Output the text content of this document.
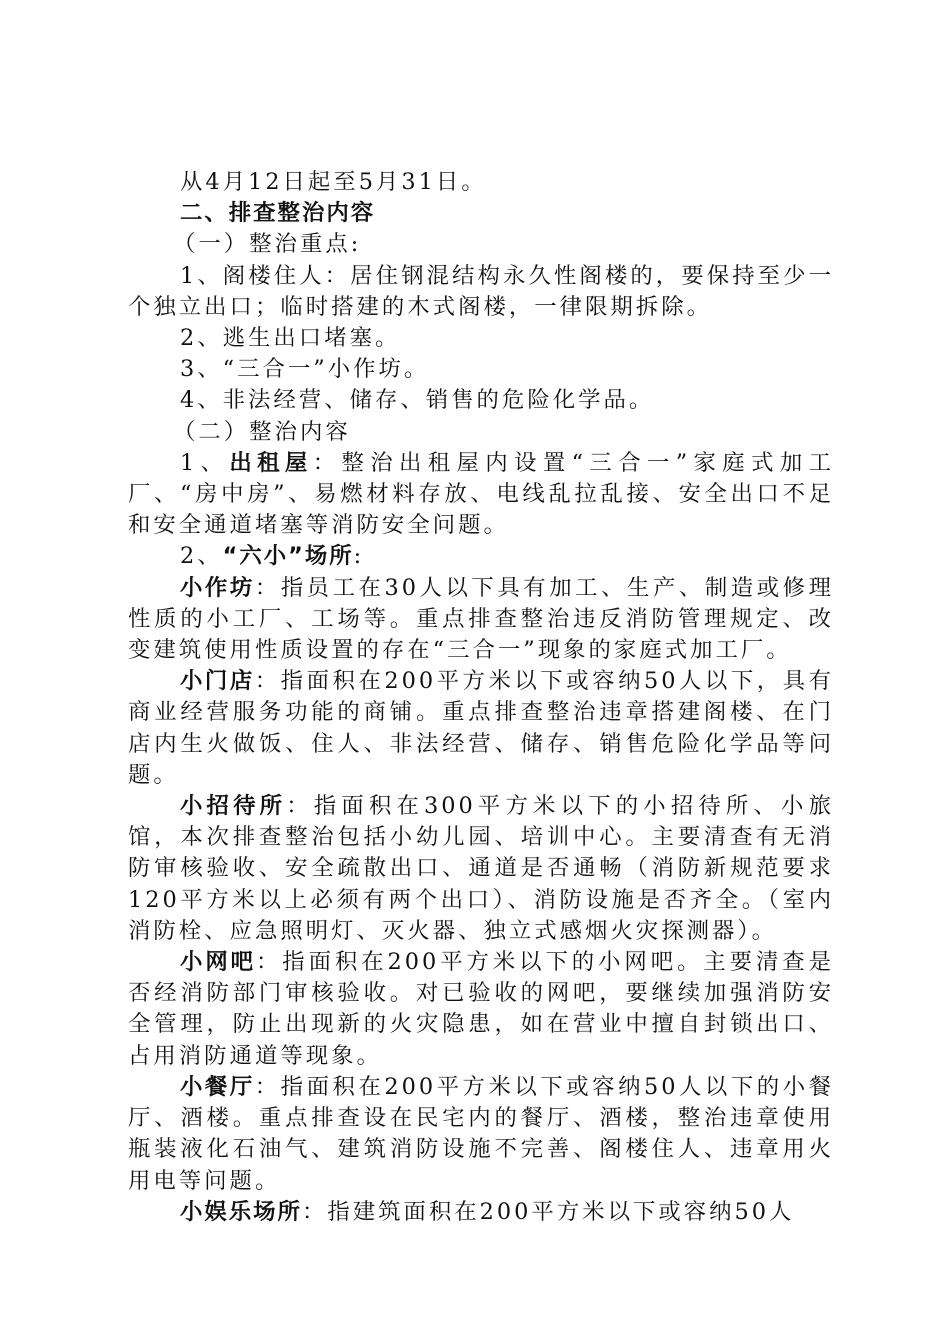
从4月12日起至5月31日。

二、排查整治内容

（一）整治重点:

1、阁楼住人：居住钢混结构永久性阁楼的，要保持至少一个独立出口；临时搭建的木式阁楼，一律限期拆除。

2、逃生出口堵塞。

3、“三合一”小作坊。

4、非法经营、储存、销售的危险化学品。

（二）整治内容

1、出租屋：整治出租屋内设置“三合一”家庭式加工厂、“房中房”、易燃材料存放、电线乱拉乱接、安全出口不足和安全通道堵塞等消防安全问题。

2、“六小”场所:

小作坊：指员工在30人以下具有加工、生产、制造或修理性质的小工厂、工场等。重点排查整治违反消防管理规定、改变建筑使用性质设置的存在“三合一”现象的家庭式加工厂。

小门店：指面积在200平方米以下或容纳50人以下，具有商业经营服务功能的商铺。重点排查整治违章搭建阁楼、在门店内生火做饭、住人、非法经营、储存、销售危险化学品等问题。

小招待所：指面积在300平方米以下的小招待所、小旅馆，本次排查整治包括小幼儿园、培训中心。主要清查有无消防审核验收、安全疏散出口、通道是否通畅（消防新规范要求120平方米以上必须有两个出口）、消防设施是否齐全。（室内消防栓、应急照明灯、灭火器、独立式感烟火灾探测器）。

小网吧：指面积在200平方米以下的小网吧。主要清查是否经消防部门审核验收。对已验收的网吧，要继续加强消防安全管理，防止出现新的火灾隐患，如在营业中擅自封锁出口、占用消防通道等现象。

小餐厅：指面积在200平方米以下或容纳50人以下的小餐厅、酒楼。重点排查设在民宅内的餐厅、酒楼，整治违章使用瓶装液化石油气、建筑消防设施不完善、阁楼住人、违章用火用电等问题。

小娱乐场所：指建筑面积在200平方米以下或容纳50人
